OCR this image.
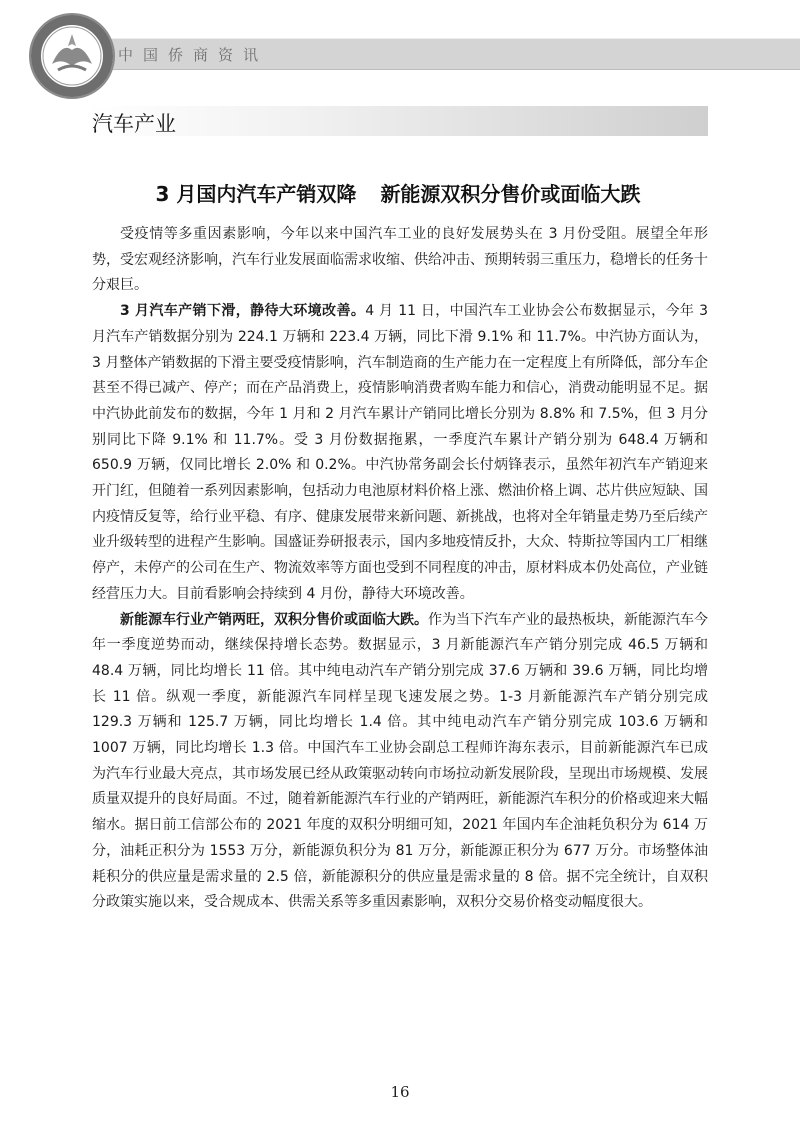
中国侨商资讯
汽车产业
3 月国内汽车产销双降 新能源双积分售价或面临大跌

受疫情等多重因素影响，今年以来中国汽车工业的良好发展势头在 3 月份受阻。展望全年形势，受宏观经济影响，汽车行业发展面临需求收缩、供给冲击、预期转弱三重压力，稳增长的任务十分艰巨。

3 月汽车产销下滑，静待大环境改善。4 月 11 日，中国汽车工业协会公布数据显示，今年 3 月汽车产销数据分别为 224.1 万辆和 223.4 万辆，同比下滑 9.1% 和 11.7%。中汽协方面认为，3 月整体产销数据的下滑主要受疫情影响，汽车制造商的生产能力在一定程度上有所降低，部分车企甚至不得已减产、停产；而在产品消费上，疫情影响消费者购车能力和信心，消费动能明显不足。据中汽协此前发布的数据，今年 1 月和 2 月汽车累计产销同比增长分别为 8.8% 和 7.5%，但 3 月分别同比下降 9.1% 和 11.7%。受 3 月份数据拖累，一季度汽车累计产销分别为 648.4 万辆和 650.9 万辆，仅同比增长 2.0% 和 0.2%。中汽协常务副会长付炳锋表示，虽然年初汽车产销迎来开门红，但随着一系列因素影响，包括动力电池原材料价格上涨、燃油价格上调、芯片供应短缺、国内疫情反复等，给行业平稳、有序、健康发展带来新问题、新挑战，也将对全年销量走势乃至后续产业升级转型的进程产生影响。国盛证券研报表示，国内多地疫情反扑，大众、特斯拉等国内工厂相继停产，未停产的公司在生产、物流效率等方面也受到不同程度的冲击，原材料成本仍处高位，产业链经营压力大。目前看影响会持续到 4 月份，静待大环境改善。

新能源车行业产销两旺，双积分售价或面临大跌。作为当下汽车产业的最热板块，新能源汽车今年一季度逆势而动，继续保持增长态势。数据显示，3 月新能源汽车产销分别完成 46.5 万辆和 48.4 万辆，同比均增长 11 倍。其中纯电动汽车产销分别完成 37.6 万辆和 39.6 万辆，同比均增长 11 倍。纵观一季度，新能源汽车同样呈现飞速发展之势。1-3 月新能源汽车产销分别完成 129.3 万辆和 125.7 万辆，同比均增长 1.4 倍。其中纯电动汽车产销分别完成 103.6 万辆和 1007 万辆，同比均增长 1.3 倍。中国汽车工业协会副总工程师许海东表示，目前新能源汽车已成为汽车行业最大亮点，其市场发展已经从政策驱动转向市场拉动新发展阶段，呈现出市场规模、发展质量双提升的良好局面。不过，随着新能源汽车行业的产销两旺，新能源汽车积分的价格或迎来大幅缩水。据日前工信部公布的 2021 年度的双积分明细可知，2021 年国内车企油耗负积分为 614 万分，油耗正积分为 1553 万分，新能源负积分为 81 万分，新能源正积分为 677 万分。市场整体油耗积分的供应量是需求量的 2.5 倍，新能源积分的供应量是需求量的 8 倍。据不完全统计，自双积分政策实施以来，受合规成本、供需关系等多重因素影响，双积分交易价格变动幅度很大。

16
